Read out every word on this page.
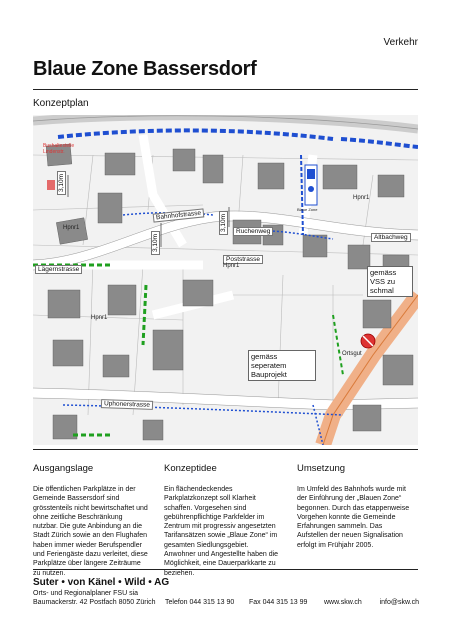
Verkehr
Blaue Zone Bassersdorf
Konzeptplan
Bushaltestelle Lindenstr.
Bahnhofstrasse
Lägernstrasse
Poststrasse
Ruchenweg
Uphonerstrasse
Altbachweg
3,10m
3,10m
3,10m
gemäss VSS zu schmal
gemäss seperatem Bauprojekt
Hpnr1
Hpnr1
Hpnr1
Hpnr1
Ortsgut
Blaue Zone
Ausgangslage

Die öffentlichen Parkplätze in der Gemeinde Bassersdorf sind grösstenteils nicht bewirtschaftet und ohne zeitliche Beschränkung nutzbar. Die gute Anbindung an die Stadt Zürich sowie an den Flughafen haben immer wieder Berufspendler und Feriengäste dazu verleitet, diese Parkplätze über längere Zeiträume zu nutzen.

Konzeptidee

Ein flächendeckendes Parkplatzkonzept soll Klarheit schaffen. Vorgesehen sind gebührenpflichtige Parkfelder im Zentrum mit progressiv angesetzten Tarifansätzen sowie „Blaue Zone“ im gesamten Siedlungsgebiet. Anwohner und Angestellte haben die Möglichkeit, eine Dauerparkkarte zu beziehen.

Umsetzung

Im Umfeld des Bahnhofs wurde mit der Einführung der „Blauen Zone“ begonnen. Durch das etappenweise Vorgehen konnte die Gemeinde Erfahrungen sammeln. Das Aufstellen der neuen Signalisation erfolgt im Frühjahr 2005.

Suter • von Känel • Wild • AG
Orts- und Regionalplaner FSU sia
Baumackerstr. 42 Postfach 8050 Zürich Telefon 044 315 13 90 Fax 044 315 13 99 www.skw.ch	info@skw.ch
